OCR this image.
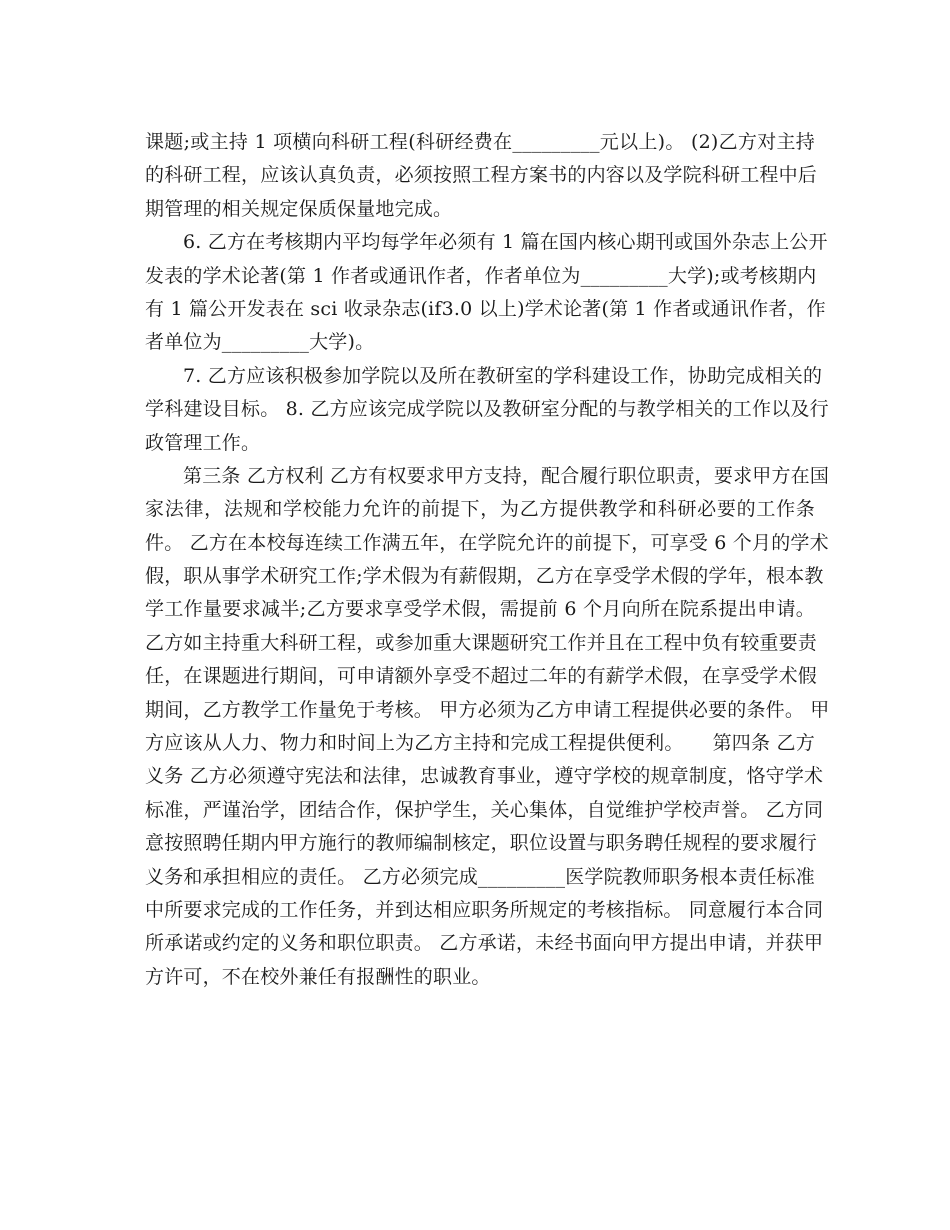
课题;或主持 1 项横向科研工程(科研经费在_________元以上)。 (2)乙方对主持
的科研工程，应该认真负责，必须按照工程方案书的内容以及学院科研工程中后
期管理的相关规定保质保量地完成。
6. 乙方在考核期内平均每学年必须有 1 篇在国内核心期刊或国外杂志上公开
发表的学术论著(第 1 作者或通讯作者，作者单位为_________大学);或考核期内
有 1 篇公开发表在 sci 收录杂志(if3.0 以上)学术论著(第 1 作者或通讯作者，作
者单位为_________大学)。
7. 乙方应该积极参加学院以及所在教研室的学科建设工作，协助完成相关的
学科建设目标。 8. 乙方应该完成学院以及教研室分配的与教学相关的工作以及行
政管理工作。
第三条 乙方权利 乙方有权要求甲方支持，配合履行职位职责，要求甲方在国
家法律，法规和学校能力允许的前提下，为乙方提供教学和科研必要的工作条
件。 乙方在本校每连续工作满五年，在学院允许的前提下，可享受 6 个月的学术
假，职从事学术研究工作;学术假为有薪假期，乙方在享受学术假的学年，根本教
学工作量要求减半;乙方要求享受学术假，需提前 6 个月向所在院系提出申请。
乙方如主持重大科研工程，或参加重大课题研究工作并且在工程中负有较重要责
任，在课题进行期间，可申请额外享受不超过二年的有薪学术假，在享受学术假
期间，乙方教学工作量免于考核。 甲方必须为乙方申请工程提供必要的条件。 甲
方应该从人力、物力和时间上为乙方主持和完成工程提供便利。　　第四条 乙方
义务 乙方必须遵守宪法和法律，忠诚教育事业，遵守学校的规章制度，恪守学术
标准，严谨治学，团结合作，保护学生，关心集体，自觉维护学校声誉。 乙方同
意按照聘任期内甲方施行的教师编制核定，职位设置与职务聘任规程的要求履行
义务和承担相应的责任。 乙方必须完成_________医学院教师职务根本责任标准
中所要求完成的工作任务，并到达相应职务所规定的考核指标。 同意履行本合同
所承诺或约定的义务和职位职责。 乙方承诺，未经书面向甲方提出申请，并获甲
方许可，不在校外兼任有报酬性的职业。
